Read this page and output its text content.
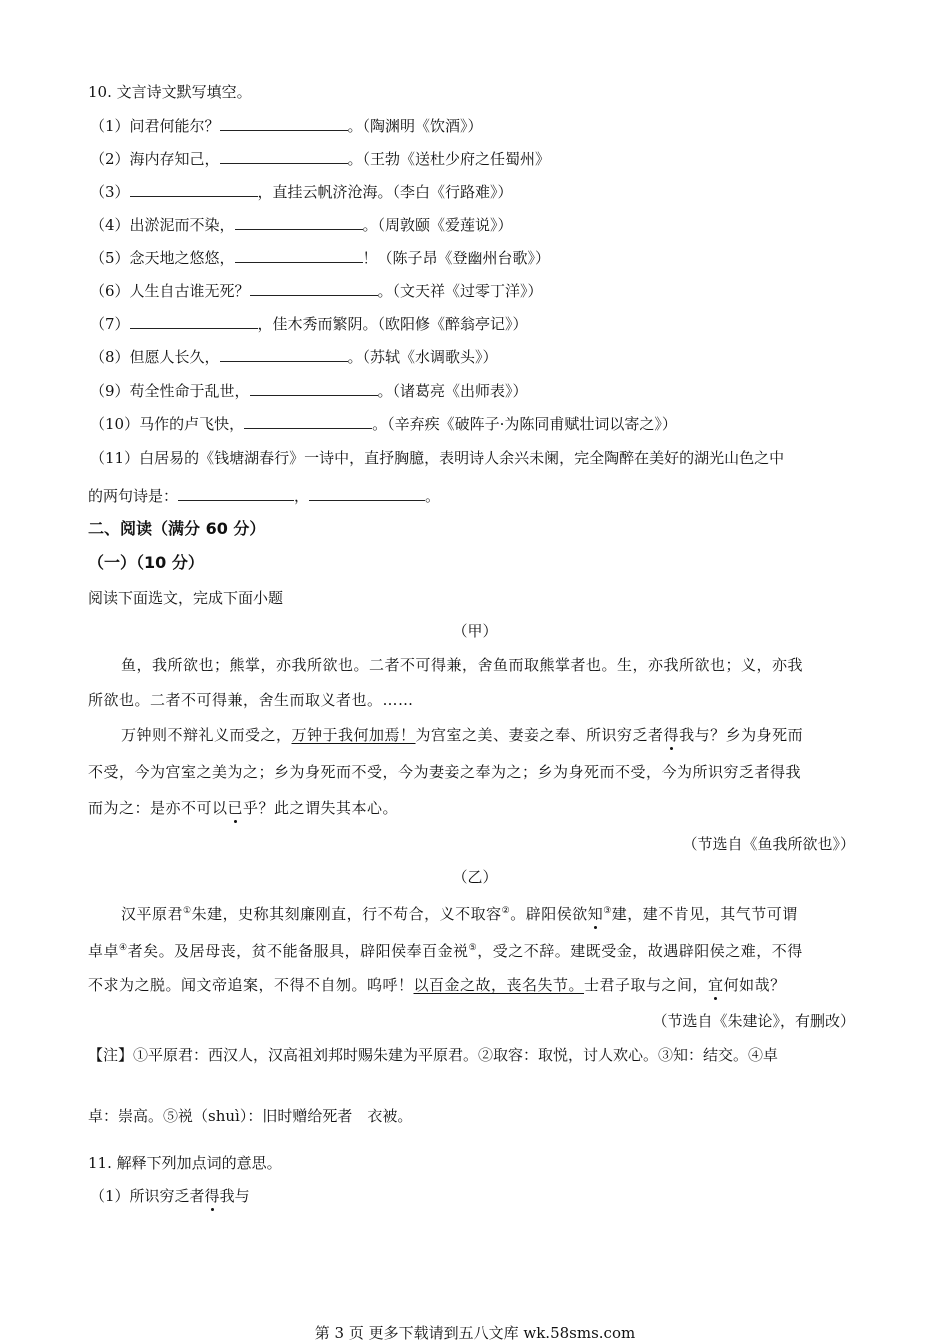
10. 文言诗文默写填空。
（1）问君何能尔？	。（陶渊明《饮酒》）
（2）海内存知己，	。（王勃《送杜少府之任蜀州》
（3）	，直挂云帆济沧海。（李白《行路难》）
（4）出淤泥而不染，	。（周敦颐《爱莲说》）
（5）念天地之悠悠，	！（陈子昂《登幽州台歌》）
（6）人生自古谁无死？	。（文天祥《过零丁洋》）
（7）	，佳木秀而繁阴。（欧阳修《醉翁亭记》）
（8）但愿人长久，	。（苏轼《水调歌头》）
（9）苟全性命于乱世，	。（诸葛亮《出师表》）
（10）马作的卢飞快，	。（辛弃疾《破阵子·为陈同甫赋壮词以寄之》）
（11）白居易的《钱塘湖春行》一诗中，直抒胸臆，表明诗人余兴未阑，完全陶醉在美好的湖光山色之中
的两句诗是：	，	。
二、阅读（满分 60 分）
（一）（10 分）
阅读下面选文，完成下面小题
（甲）
鱼，我所欲也；熊掌，亦我所欲也。二者不可得兼，舍鱼而取熊掌者也。生，亦我所欲也；义，亦我
所欲也。二者不可得兼，舍生而取义者也。……
万钟则不辩礼义而受之，万钟于我何加焉！为宫室之美、妻妾之奉、所识穷乏者得我与？乡为身死而
不受，今为宫室之美为之；乡为身死而不受，今为妻妾之奉为之；乡为身死而不受，今为所识穷乏者得我
而为之：是亦不可以已乎？此之谓失其本心。
（节选自《鱼我所欲也》）
（乙）
汉平原君①朱建，史称其刻廉刚直，行不苟合，义不取容②。辟阳侯欲知③建，建不肯见，其气节可谓
卓卓④者矣。及居母丧，贫不能备服具，辟阳侯奉百金祱⑤，受之不辞。建既受金，故遇辟阳侯之难，不得
不求为之脱。闻文帝追案，不得不自刎。呜呼！以百金之故，丧名失节。士君子取与之间，宜何如哉？
（节选自《朱建论》，有删改）
【注】①平原君：西汉人，汉高祖刘邦时赐朱建为平原君。②取容：取悦，讨人欢心。③知：结交。④卓
卓：崇高。⑤祱（shuì）：旧时赠给死者　衣被。
11. 解释下列加点词的意思。
（1）所识穷乏者得我与
第 3 页 更多下载请到五八文库 wk.58sms.com
